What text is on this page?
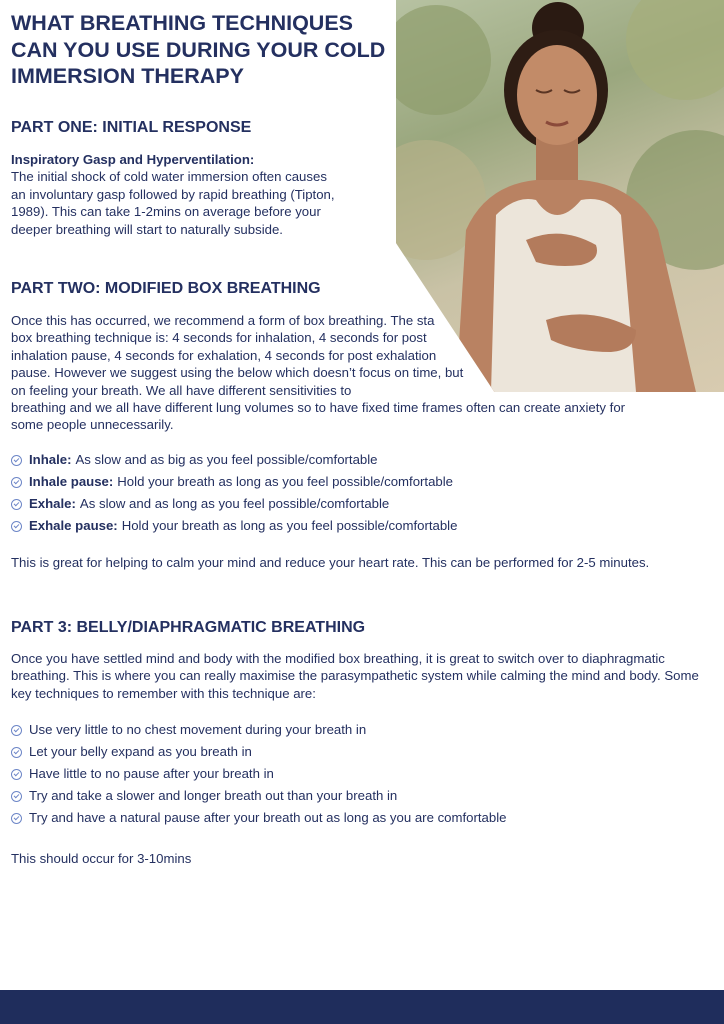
WHAT BREATHING TECHNIQUES CAN YOU USE DURING YOUR COLD IMMERSION THERAPY
PART ONE: INITIAL RESPONSE

Inspiratory Gasp and Hyperventilation:
The initial shock of cold water immersion often causes an involuntary gasp followed by rapid breathing (Tipton, 1989). This can take 1-2mins on average before your deeper breathing will start to naturally subside.

PART TWO: MODIFIED BOX BREATHING

Once this has occurred, we recommend a form of box breathing. The sta
box breathing technique is: 4 seconds for inhalation, 4 seconds for post
inhalation pause, 4 seconds for exhalation, 4 seconds for post exhalation
pause. However we suggest using the below which doesn’t focus on time, but
on feeling your breath. We all have different sensitivities to
breathing and we all have different lung volumes so to have fixed time frames often can create anxiety for
some people unnecessarily.

Inhale: As slow and as big as you feel possible/comfortable
Inhale pause: Hold your breath as long as you feel possible/comfortable
Exhale: As slow and as long as you feel possible/comfortable
Exhale pause: Hold your breath as long as you feel possible/comfortable

This is great for helping to calm your mind and reduce your heart rate. This can be performed for 2-5 minutes.

PART 3: BELLY/DIAPHRAGMATIC BREATHING

Once you have settled mind and body with the modified box breathing, it is great to switch over to diaphragmatic breathing. This is where you can really maximise the parasympathetic system while calming the mind and body. Some key techniques to remember with this technique are:

Use very little to no chest movement during your breath in
Let your belly expand as you breath in
Have little to no pause after your breath in
Try and take a slower and longer breath out than your breath in
Try and have a natural pause after your breath out as long as you are comfortable

This should occur for 3-10mins
